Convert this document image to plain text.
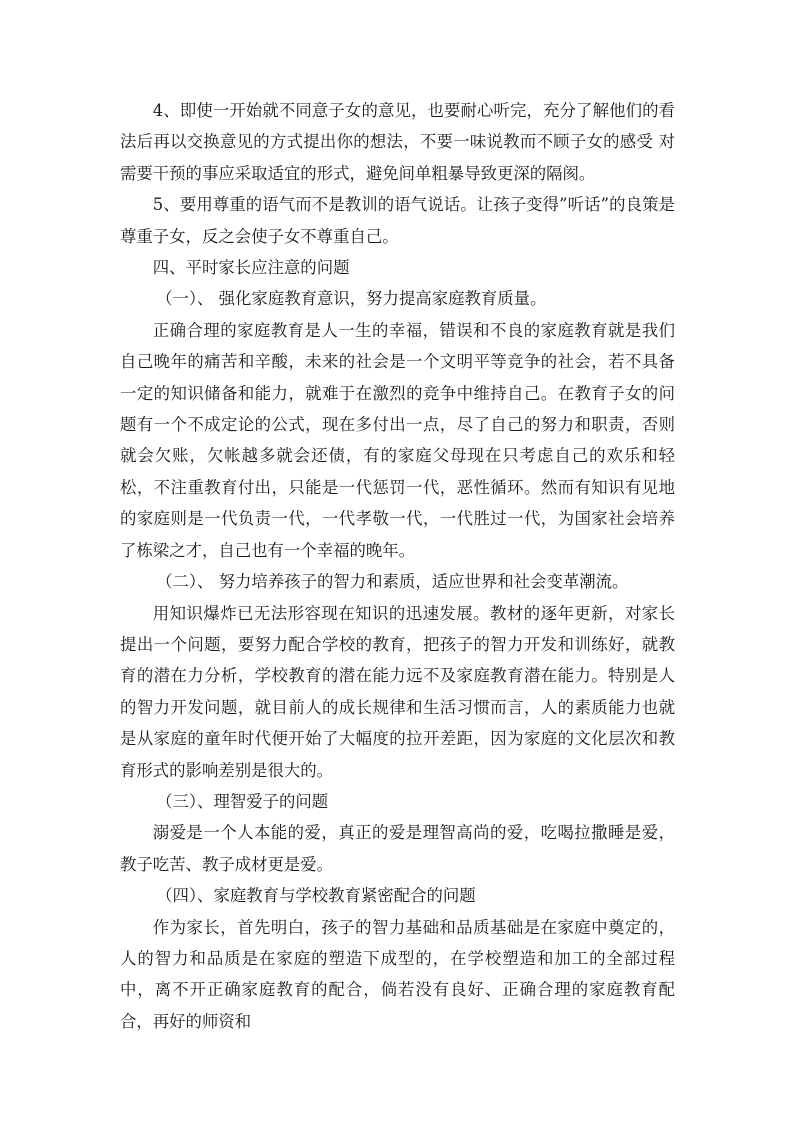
4、即使一开始就不同意子女的意见，也要耐心听完，充分了解他们的看法后再以交换意见的方式提出你的想法，不要一味说教而不顾子女的感受 对需要干预的事应采取适宜的形式，避免间单粗暴导致更深的隔阂。

5、要用尊重的语气而不是教训的语气说话。让孩子变得”听话”的良策是尊重子女，反之会使子女不尊重自己。

四、平时家长应注意的问题

（一）、 强化家庭教育意识，努力提高家庭教育质量。

正确合理的家庭教育是人一生的幸福，错误和不良的家庭教育就是我们自己晚年的痛苦和辛酸，未来的社会是一个文明平等竞争的社会，若不具备一定的知识储备和能力，就难于在激烈的竞争中维持自己。在教育子女的问题有一个不成定论的公式，现在多付出一点，尽了自己的努力和职责，否则就会欠账，欠帐越多就会还债，有的家庭父母现在只考虑自己的欢乐和轻松，不注重教育付出，只能是一代惩罚一代，恶性循环。然而有知识有见地的家庭则是一代负责一代，一代孝敬一代，一代胜过一代，为国家社会培养了栋梁之才，自己也有一个幸福的晚年。

（二）、 努力培养孩子的智力和素质，适应世界和社会变革潮流。

用知识爆炸已无法形容现在知识的迅速发展。教材的逐年更新，对家长提出一个问题，要努力配合学校的教育，把孩子的智力开发和训练好，就教育的潜在力分析，学校教育的潜在能力远不及家庭教育潜在能力。特别是人的智力开发问题，就目前人的成长规律和生活习惯而言，人的素质能力也就是从家庭的童年时代便开始了大幅度的拉开差距，因为家庭的文化层次和教育形式的影响差别是很大的。

（三）、理智爱子的问题

溺爱是一个人本能的爱，真正的爱是理智高尚的爱，吃喝拉撒睡是爱，教子吃苦、教子成材更是爱。

（四）、家庭教育与学校教育紧密配合的问题

作为家长，首先明白，孩子的智力基础和品质基础是在家庭中奠定的，人的智力和品质是在家庭的塑造下成型的，在学校塑造和加工的全部过程中，离不开正确家庭教育的配合，倘若没有良好、正确合理的家庭教育配合，再好的师资和
